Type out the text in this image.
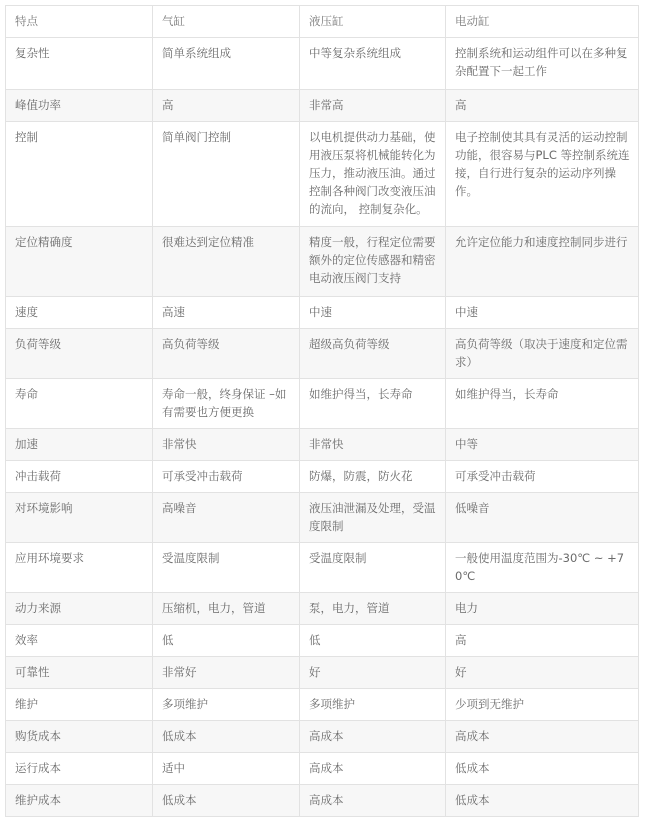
特点	气缸	液压缸	电动缸
复杂性	简单系统组成	中等复杂系统组成	控制系统和运动组件可以在多种复杂配置下一起工作
峰值功率	高	非常高	高
控制	简单阀门控制	以电机提供动力基础，使用液压泵将机械能转化为压力，推动液压油。通过控制各种阀门改变液压油的流向， 控制复杂化。	电子控制使其具有灵活的运动控制功能，很容易与PLC 等控制系统连接，自行进行复杂的运动序列操作。
定位精确度	很难达到定位精准	精度一般，行程定位需要额外的定位传感器和精密电动液压阀门支持	允许定位能力和速度控制同步进行
速度	高速	中速	中速
负荷等级	高负荷等级	超级高负荷等级	高负荷等级（取决于速度和定位需求）
寿命	寿命一般，终身保证 –如有需要也方便更换	如维护得当，长寿命	如维护得当，长寿命
加速	非常快	非常快	中等
冲击载荷	可承受冲击载荷	防爆，防震，防火花	可承受冲击载荷
对环境影响	高噪音	液压油泄漏及处理，受温度限制	低噪音
应用环境要求	受温度限制	受温度限制	一般使用温度范围为-30℃ ~ +70℃
动力来源	压缩机，电力，管道	泵，电力，管道	电力
效率	低	低	高
可靠性	非常好	好	好
维护	多项维护	多项维护	少项到无维护
购货成本	低成本	高成本	高成本
运行成本	适中	高成本	低成本
维护成本	低成本	高成本	低成本
